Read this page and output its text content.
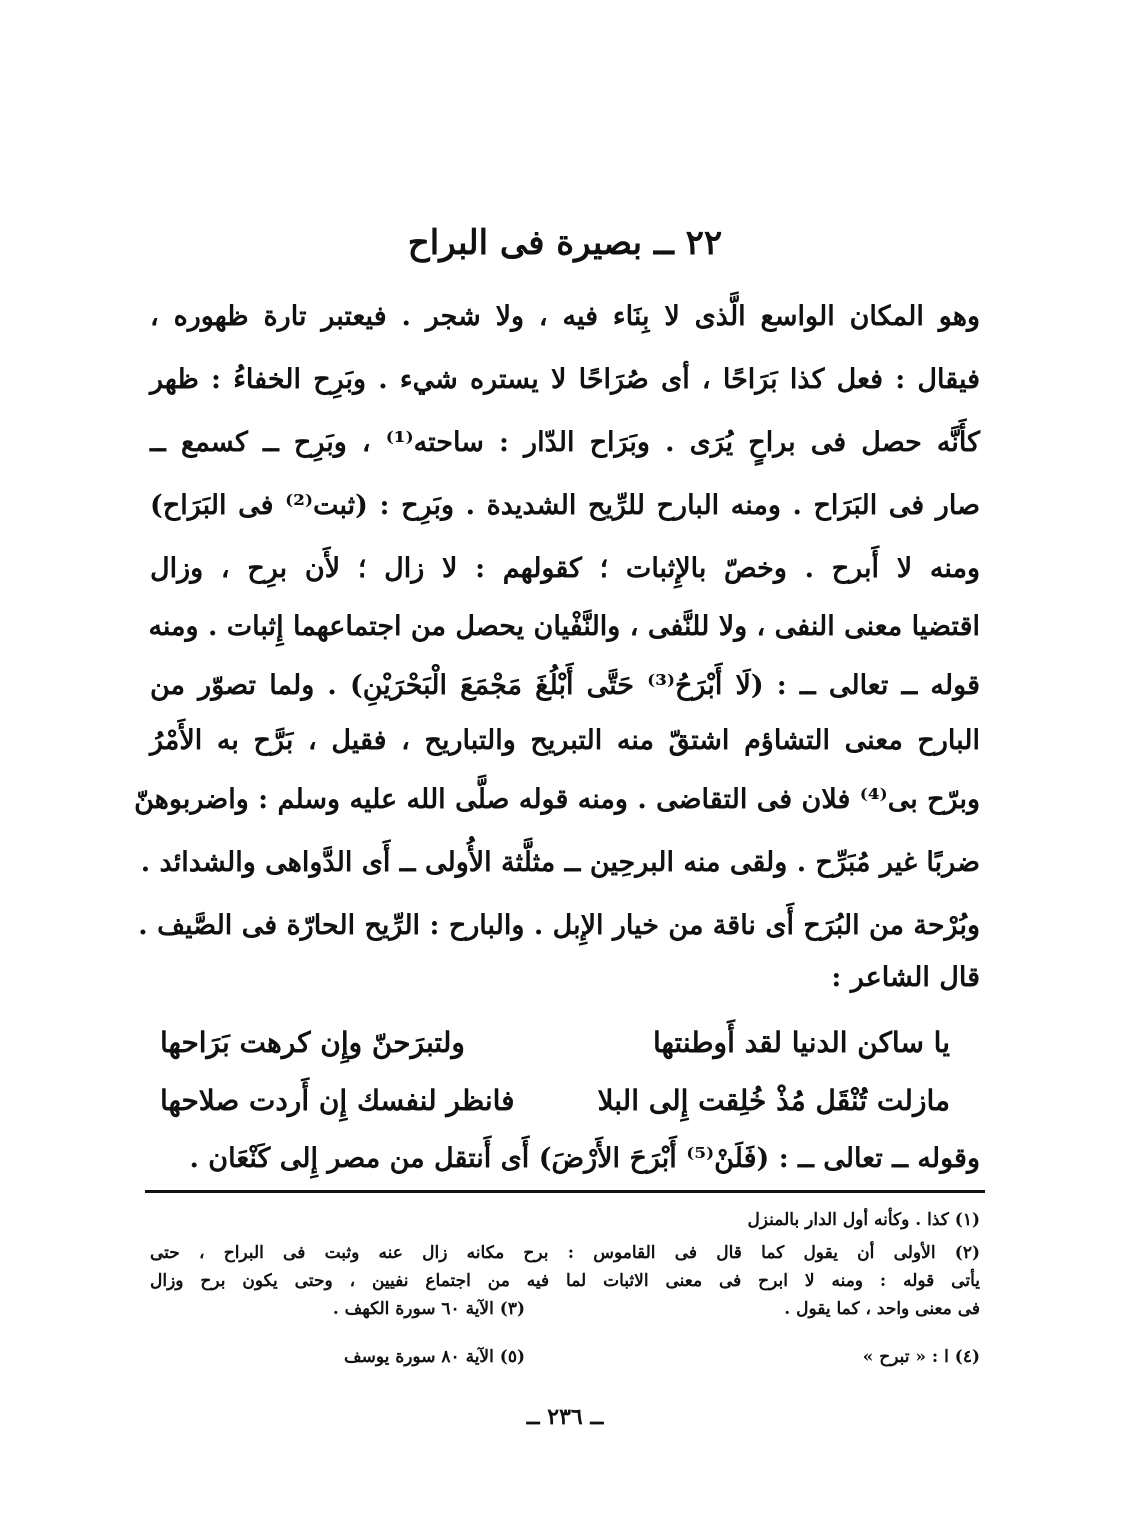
٢٢ ــ بصيرة فى البراح
وهو المكان الواسع الَّذى لا بِنَاء فيه ، ولا شجر . فيعتبر تارة ظهوره ،
فيقال : فعل كذا بَرَاحًا ، أى صُرَاحًا لا يستره شيء . وبَرِح الخفاءُ : ظهر
كأَنَّه حصل فى براحٍ يُرَى . وبَرَاح الدّار : ساحته⁽¹⁾ ، وبَرِح ــ كسمع ــ
صار فى البَرَاح . ومنه البارح للرِّيح الشديدة . وبَرِح : (ثبت⁽²⁾ فى البَرَاح)
ومنه لا أَبرح . وخصّ بالإِثبات ؛ كقولهم : لا زال ؛ لأَن برِح ، وزال
اقتضيا معنى النفى ، ولا للنَّفى ، والنَّفْيان يحصل من اجتماعهما إِثبات . ومنه
قوله ــ تعالى ــ : (لَا أَبْرَحُ⁽³⁾ حَتَّى أَبْلُغَ مَجْمَعَ الْبَحْرَيْنِ) . ولما تصوّر من
البارح معنى التشاؤم اشتقّ منه التبريح والتباريح ، فقيل ، بَرَّح به الأَمْرُ
وبرّح بى⁽⁴⁾ فلان فى التقاضى . ومنه قوله صلَّى الله عليه وسلم : واضربوهنّ
ضربًا غير مُبَرِّح . ولقى منه البرحِين ــ مثلَّثة الأُولى ــ أَى الدَّواهى والشدائد .
وبُرْحة من البُرَح أَى ناقة من خيار الإِبل . والبارح : الرِّيح الحارّة فى الصَّيف .
قال الشاعر :
يا ساكن الدنيا لقد أَوطنتها
ولتبرَحنّ وإِن كرهت بَرَاحها
مازلت تُنْقَل مُذْ خُلِقت إِلى البلا
فانظر لنفسك إِن أَردت صلاحها
وقوله ــ تعالى ــ : (فَلَنْ⁽⁵⁾ أَبْرَحَ الأَرْضَ) أَى أَنتقل من مصر إِلى كَنْعَان .
(١) كذا . وكأنه أول الدار بالمنزل
(٢) الأولى أن يقول كما قال فى القاموس : برح مكانه زال عنه وثبت فى البراح ، حتى
يأتى قوله : ومنه لا ابرح فى معنى الاثبات لما فيه من اجتماع نفيين ، وحتى يكون برح وزال
فى معنى واحد ، كما يقول .
(٣) الآية ٦٠ سورة الكهف .
(٤) ا : « تبرح »
(٥) الآية ٨٠ سورة يوسف
ــ ٢٣٦ ــ
